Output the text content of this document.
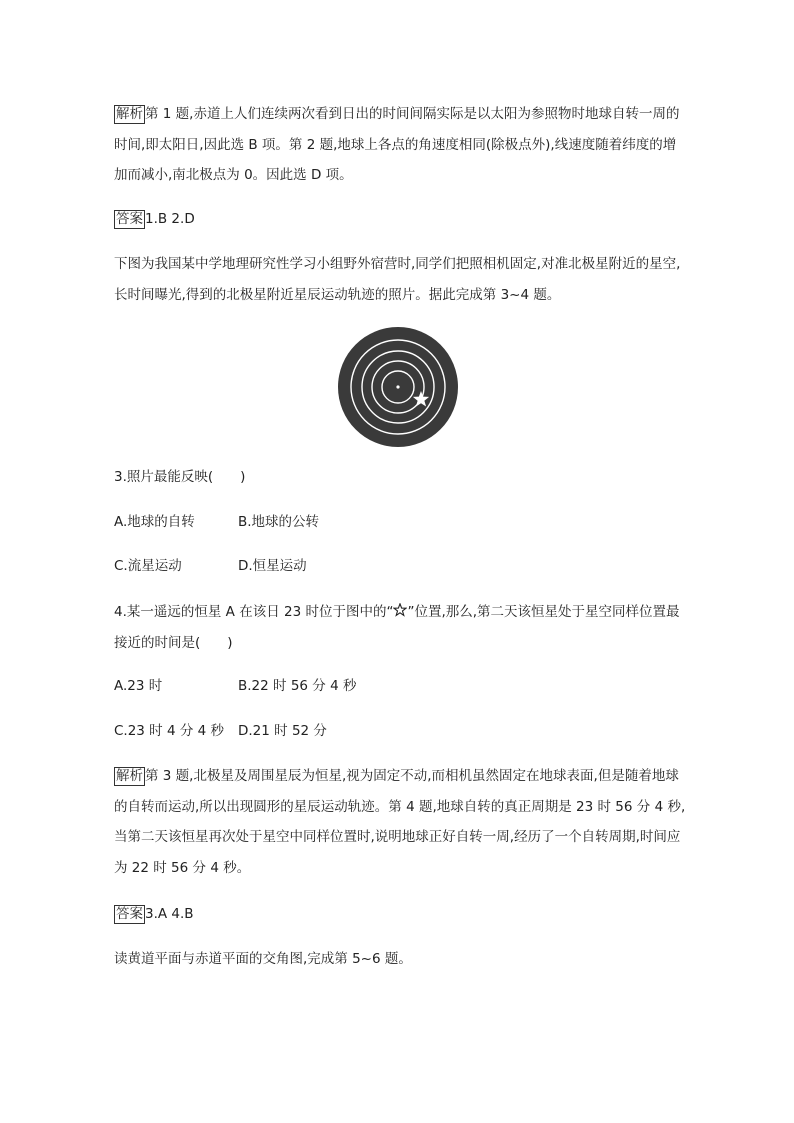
解析 第 1 题,赤道上人们连续两次看到日出的时间间隔实际是以太阳为参照物时地球自转一周的时间,即太阳日,因此选 B 项。第 2 题,地球上各点的角速度相同(除极点外),线速度随着纬度的增加而减小,南北极点为 0。因此选 D 项。

答案 1.B 2.D

下图为我国某中学地理研究性学习小组野外宿营时,同学们把照相机固定,对准北极星附近的星空,长时间曝光,得到的北极星附近星辰运动轨迹的照片。据此完成第 3~4 题。

3.照片最能反映(　　)
A.地球的自转	B.地球的公转
C.流星运动	D.恒星运动

4.某一遥远的恒星 A 在该日 23 时位于图中的“ ”位置,那么,第二天该恒星处于星空同样位置最接近的时间是(　　)

A.23 时	B.22 时 56 分 4 秒
C.23 时 4 分 4 秒 D.21 时 52 分

解析 第 3 题,北极星及周围星辰为恒星,视为固定不动,而相机虽然固定在地球表面,但是随着地球的自转而运动,所以出现圆形的星辰运动轨迹。第 4 题,地球自转的真正周期是 23 时 56 分 4 秒,当第二天该恒星再次处于星空中同样位置时,说明地球正好自转一周,经历了一个自转周期,时间应为 22 时 56 分 4 秒。

答案 3.A 4.B

读黄道平面与赤道平面的交角图,完成第 5~6 题。
